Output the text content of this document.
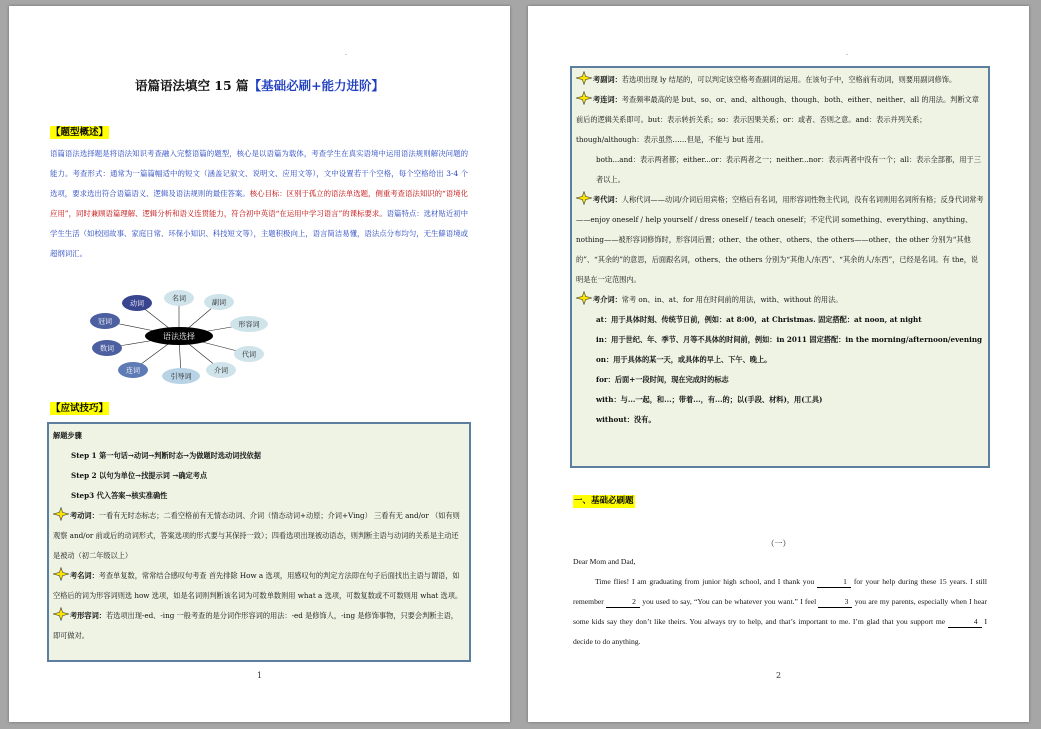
·
语篇语法填空 15 篇【基础必刷+能力进阶】
【题型概述】
语篇语法选择题是将语法知识考查融入完整语篇的题型，核心是以语篇为载体，考查学生在真实语境中运用语法规则解决问题的能力。考查形式：通常为一篇篇幅适中的短文（涵盖记叙文、说明文、应用文等），文中设置若干个空格，每个空格给出 3-4 个选项，要求选出符合语篇语义、逻辑及语法规则的最佳答案。核心目标：区别于孤立的语法单选题，侧重考查语法知识的“语境化应用”，同时兼顾语篇理解、逻辑分析和语义连贯能力，符合初中英语“在运用中学习语言”的课标要求。语篇特点：选材贴近初中学生生活（如校园故事、家庭日常、环保小知识、科技短文等），主题积极向上，语言简洁易懂，语法点分布均匀，无生僻语境或超纲词汇。
名词	副词
形容词
代词
介词
引导词
连词
数词
冠词
动词
语法选择
【应试技巧】
解题步骤
Step 1 第一句话→动词→判断时态→为做题时选动词找依据
Step 2 以句为单位→找提示词 →确定考点
Step3 代入答案→核实准确性
考动词：一看有无时态标志；二看空格前有无情态动词、介词（情态动词+动原；介词+Ving） 三看有无 and/or （如有则观察 and/or 前或后的动词形式，答案选项的形式要与其保持一致）；四看选项出现被动语态，则判断主语与动词的关系是主动还是被动（初二年级以上）
考名词：考查单复数，常常结合感叹句考查 首先排除 How a 选项，用感叹句的判定方法即在句子后面找出主语与谓语，如空格后的词为形容词则选 how 选项，如是名词则判断该名词为可数单数则用 what a 选项，可数复数或不可数则用 what 选项。
考形容词：若选项出现-ed、-ing 一般考查的是分词作形容词的用法：-ed 是修饰人，-ing 是修饰事物，只要会判断主语，即可做对。
1
·
考副词：若选项出现 ly 结尾的，可以判定该空格考查副词的运用。在该句子中，空格前有动词，则要用副词修饰。
考连词：考查频率最高的是 but、so、or、and、although、though、both、either、neither、all 的用法。判断文章前后的逻辑关系即可。but：表示转折关系；so：表示因果关系；or：或者、否则之意。and：表示并列关系；though/although：表示虽然……但是，不能与 but 连用。
both...and：表示两者都；either...or：表示两者之一；neither...nor：表示两者中没有一个；all：表示全部都，用于三者以上。
考代词：人称代词——动词/介词后用宾格；空格后有名词，用形容词性物主代词，没有名词则用名词所有格；反身代词常考——enjoy oneself / help yourself / dress oneself / teach oneself；不定代词 something、everything、anything、nothing——被形容词修饰时，形容词后置；other、the other、others、the others——other、the other 分别为“其他的”、“其余的”的意思，后面跟名词，others、the others 分别为“其他人/东西”、“其余的人/东西”，已经是名词。有 the，说明是在一定范围内。
考介词：常考 on、in、at、for 用在时间前的用法，with、without 的用法。
at：用于具体时刻、传统节日前，例如：at 8:00，at Christmas. 固定搭配：at noon, at night
in：用于世纪、年、季节、月等不具体的时间前，例如：in 2011 固定搭配：in the morning/afternoon/evening
on：用于具体的某一天，或具体的早上、下午、晚上。
for：后面+一段时间，现在完成时的标志
with：与...一起，和...；带着...，有...的；以(手段、材料)，用(工具)
without：没有。
一、基础必刷题
（一）
Dear Mom and Dad,
Time flies! I am graduating from junior high school, and I thank you	1 for your help during these 15 years. I still remember	2 you used to say, “You can be whatever you want.” I feel	3 you are my parents, especially when I hear some kids say they don’t like theirs. You always try to help, and that’s important to me. I’m glad that you support me	4 I decide to do anything.
2
